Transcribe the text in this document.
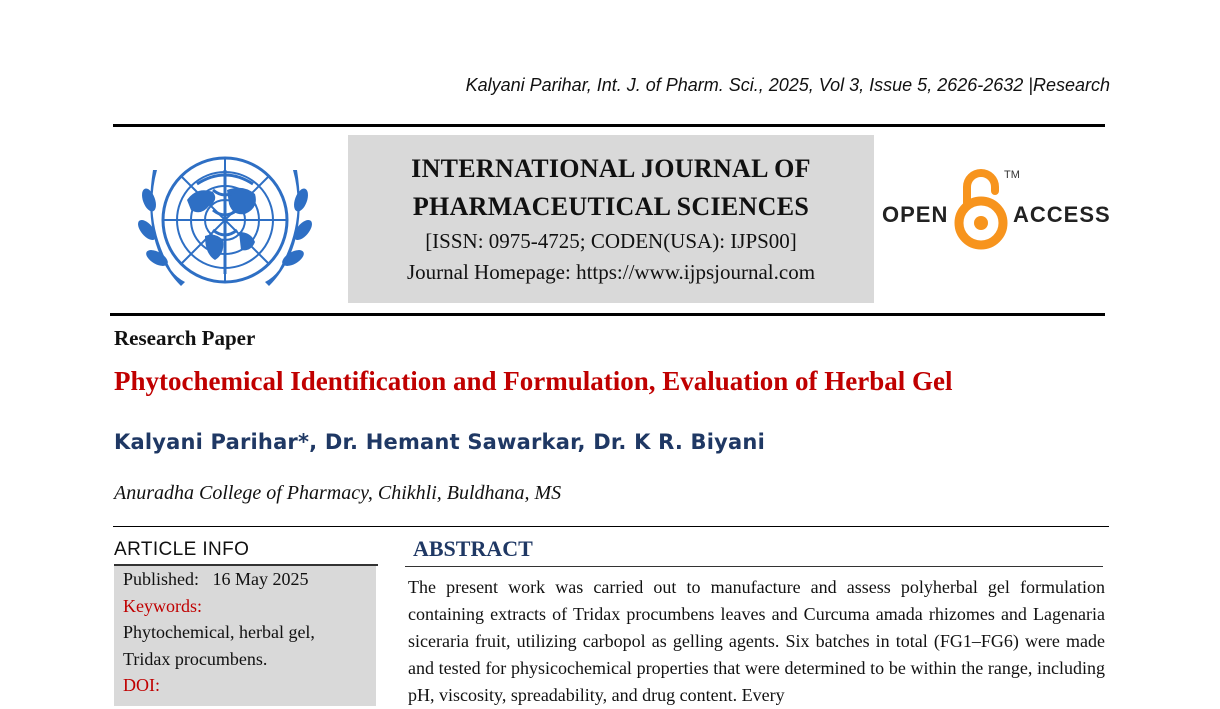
Kalyani Parihar, Int. J. of Pharm. Sci., 2025, Vol 3, Issue 5, 2626-2632 |Research
INTERNATIONAL JOURNAL OF
PHARMACEUTICAL SCIENCES
[ISSN: 0975-4725; CODEN(USA): IJPS00]
Journal Homepage: https://www.ijpsjournal.com
OPEN
TM
ACCESS
Research Paper
Phytochemical Identification and Formulation, Evaluation of Herbal Gel
Kalyani Parihar*, Dr. Hemant Sawarkar, Dr. K R. Biyani
Anuradha College of Pharmacy, Chikhli, Buldhana, MS
ARTICLE INFO
Published: 16 May 2025
Keywords:
Phytochemical, herbal gel,
Tridax procumbens.
DOI:
ABSTRACT
The present work was carried out to manufacture and assess polyherbal gel formulation containing extracts of Tridax procumbens leaves and Curcuma amada rhizomes and Lagenaria siceraria fruit, utilizing carbopol as gelling agents. Six batches in total (FG1–FG6) were made and tested for physicochemical properties that were determined to be within the range, including pH, viscosity, spreadability, and drug content. Every
